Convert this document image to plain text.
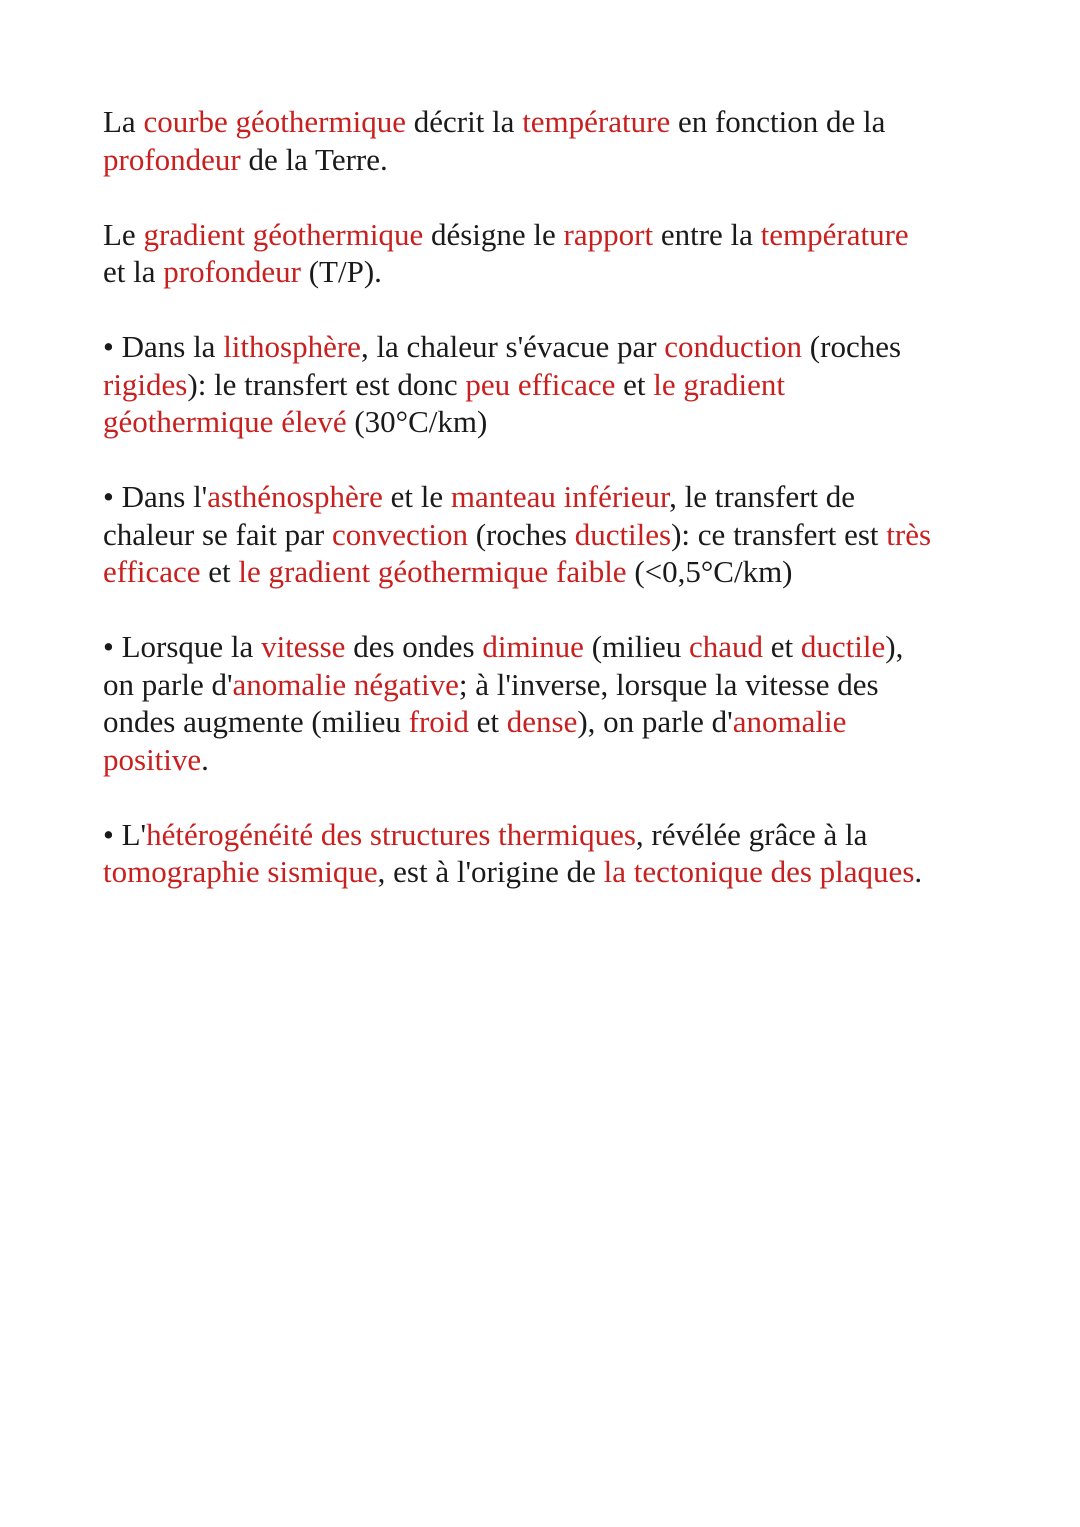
La courbe géothermique décrit la température en fonction de la
profondeur de la Terre.
Le gradient géothermique désigne le rapport entre la température
et la profondeur (T/P).
• Dans la lithosphère, la chaleur s'évacue par conduction (roches
rigides): le transfert est donc peu efficace et le gradient
géothermique élevé (30°C/km)
• Dans l'asthénosphère et le manteau inférieur, le transfert de
chaleur se fait par convection (roches ductiles): ce transfert est très
efficace et le gradient géothermique faible (<0,5°C/km)
• Lorsque la vitesse des ondes diminue (milieu chaud et ductile),
on parle d'anomalie négative; à l'inverse, lorsque la vitesse des
ondes augmente (milieu froid et dense), on parle d'anomalie
positive.
• L'hétérogénéité des structures thermiques, révélée grâce à la
tomographie sismique, est à l'origine de la tectonique des plaques.
